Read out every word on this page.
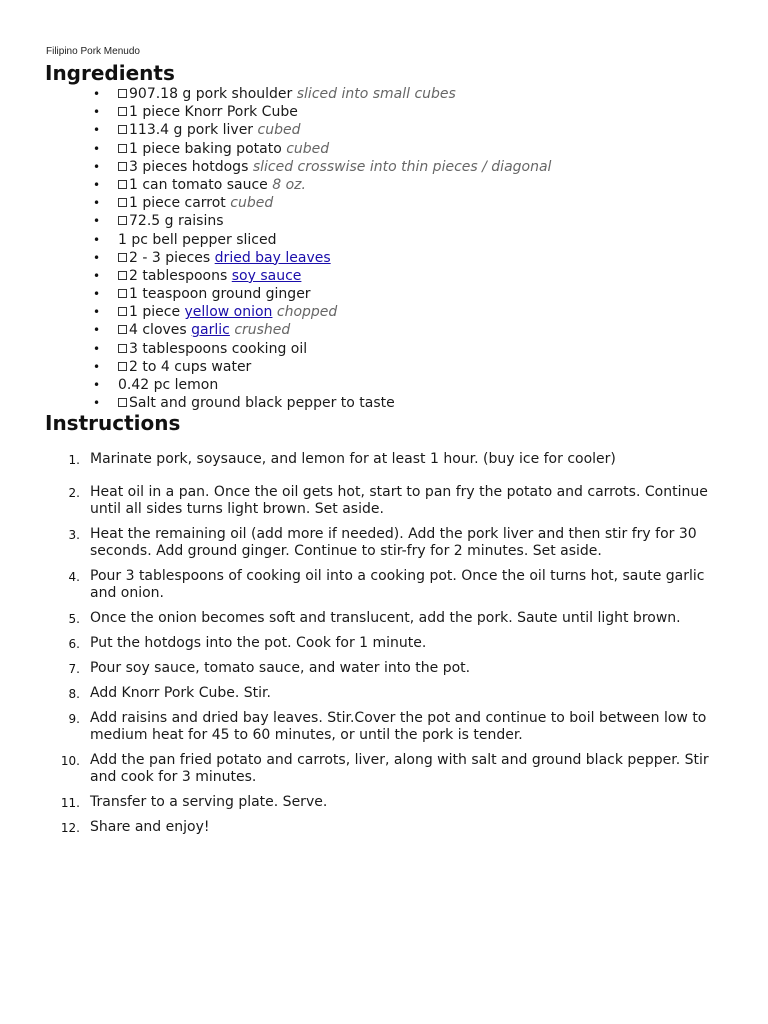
Filipino Pork Menudo
Ingredients
• 907.18 g pork shoulder sliced into small cubes
• 1 piece Knorr Pork Cube
• 113.4 g pork liver cubed
• 1 piece baking potato cubed
• 3 pieces hotdogs sliced crosswise into thin pieces / diagonal
• 1 can tomato sauce 8 oz.
• 1 piece carrot cubed
• 72.5 g raisins
• 1 pc bell pepper sliced
• 2 - 3 pieces dried bay leaves
• 2 tablespoons soy sauce
• 1 teaspoon ground ginger
• 1 piece yellow onion chopped
• 4 cloves garlic crushed
• 3 tablespoons cooking oil
• 2 to 4 cups water
• 0.42 pc lemon
• Salt and ground black pepper to taste
Instructions
1. Marinate pork, soysauce, and lemon for at least 1 hour. (buy ice for cooler)
2. Heat oil in a pan. Once the oil gets hot, start to pan fry the potato and carrots. Continue until all sides turns light brown. Set aside.
3. Heat the remaining oil (add more if needed). Add the pork liver and then stir fry for 30 seconds. Add ground ginger. Continue to stir-fry for 2 minutes. Set aside.
4. Pour 3 tablespoons of cooking oil into a cooking pot. Once the oil turns hot, saute garlic and onion.
5. Once the onion becomes soft and translucent, add the pork. Saute until light brown.
6. Put the hotdogs into the pot. Cook for 1 minute.
7. Pour soy sauce, tomato sauce, and water into the pot.
8. Add Knorr Pork Cube. Stir.
9. Add raisins and dried bay leaves. Stir.Cover the pot and continue to boil between low to medium heat for 45 to 60 minutes, or until the pork is tender.
10. Add the pan fried potato and carrots, liver, along with salt and ground black pepper. Stir and cook for 3 minutes.
11. Transfer to a serving plate. Serve.
12. Share and enjoy!
